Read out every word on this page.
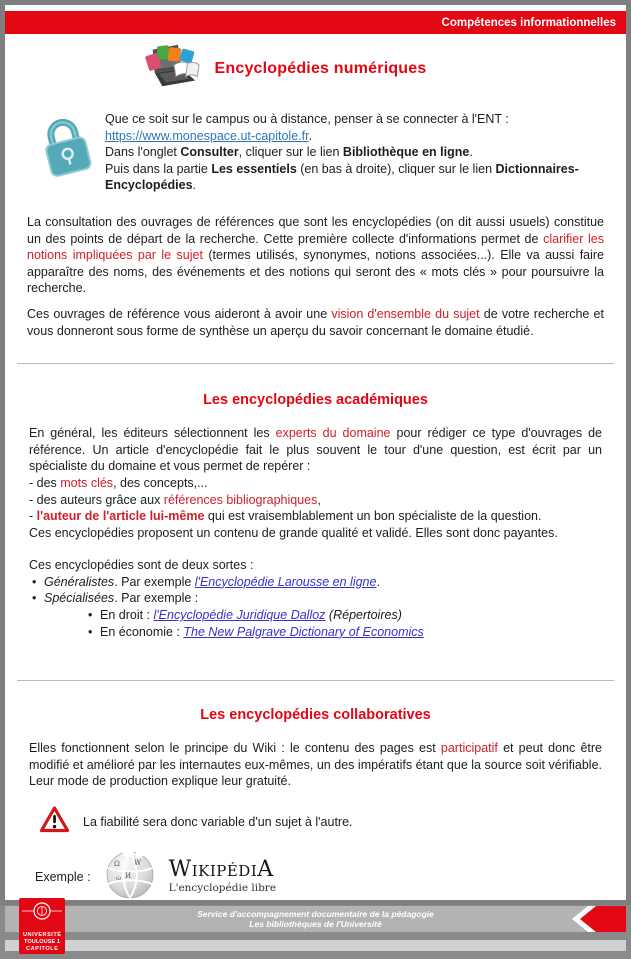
Compétences informationnelles
Encyclopédies numériques
Que ce soit sur le campus ou à distance, penser à se connecter à l'ENT :
https://www.monespace.ut-capitole.fr.
Dans l'onglet Consulter, cliquer sur le lien Bibliothèque en ligne.
Puis dans la partie Les essentiels (en bas à droite), cliquer sur le lien Dictionnaires-Encyclopédies.
La consultation des ouvrages de références que sont les encyclopédies (on dit aussi usuels) constitue un des points de départ de la recherche. Cette première collecte d'informations permet de clarifier les notions impliquées par le sujet (termes utilisés, synonymes, notions associées...). Elle va aussi faire apparaître des noms, des événements et des notions qui seront des « mots clés » pour poursuivre la recherche.
Ces ouvrages de référence vous aideront à avoir une vision d'ensemble du sujet de votre recherche et vous donneront sous forme de synthèse un aperçu du savoir concernant le domaine étudié.
Les encyclopédies académiques
En général, les éditeurs sélectionnent les experts du domaine pour rédiger ce type d'ouvrages de référence. Un article d'encyclopédie fait le plus souvent le tour d'une question, est écrit par un spécialiste du domaine et vous permet de repérer :
- des mots clés, des concepts,...
- des auteurs grâce aux références bibliographiques,
- l'auteur de l'article lui-même qui est vraisemblablement un bon spécialiste de la question.
Ces encyclopédies proposent un contenu de grande qualité et validé. Elles sont donc payantes.
Ces encyclopédies sont de deux sortes :
• Généralistes. Par exemple l'Encyclopédie Larousse en ligne.
• Spécialisées. Par exemple :
• En droit : l'Encyclopédie Juridique Dalloz (Répertoires)
• En économie : The New Palgrave Dictionary of Economics
Les encyclopédies collaboratives
Elles fonctionnent selon le principe du Wiki : le contenu des pages est participatif et peut donc être modifié et amélioré par les internautes eux-mêmes, un des impératifs étant que la source soit vérifiable. Leur mode de production explique leur gratuité.
La fiabilité sera donc variable d'un sujet à l'autre.
Exemple :
Ω W
И
ω WikipédiA
L'encyclopédie libre
Service d'accompagnement documentaire de la pédagogie
Les bibliothèques de l'Université
UNIVERSITÉ
TOULOUSE 1
CAPITOLE
